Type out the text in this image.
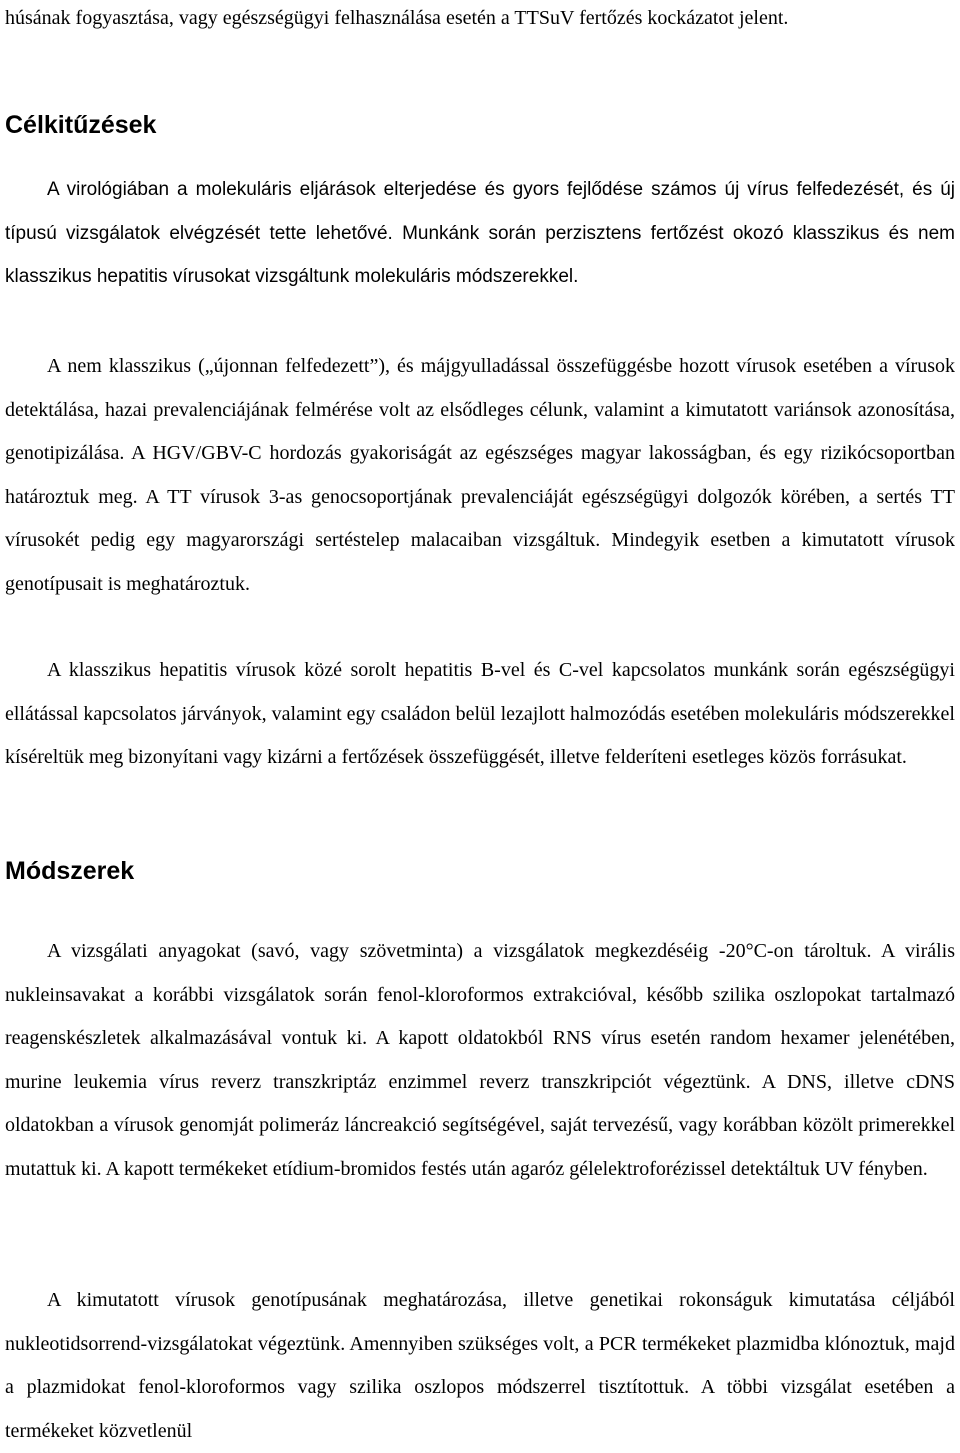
húsának fogyasztása, vagy egészségügyi felhasználása esetén a TTSuV fertőzés kockázatot jelent.

Célkitűzések

A virológiában a molekuláris eljárások elterjedése és gyors fejlődése számos új vírus felfedezését, és új típusú vizsgálatok elvégzését tette lehetővé. Munkánk során perzisztens fertőzést okozó klasszikus és nem klasszikus hepatitis vírusokat vizsgáltunk molekuláris módszerekkel.

A nem klasszikus („újonnan felfedezett”), és májgyulladással összefüggésbe hozott vírusok esetében a vírusok detektálása, hazai prevalenciájának felmérése volt az elsődleges célunk, valamint a kimutatott variánsok azonosítása, genotipizálása. A HGV/GBV-C hordozás gyakoriságát az egészséges magyar lakosságban, és egy rizikócsoportban határoztuk meg. A TT vírusok 3-as genocsoportjának prevalenciáját egészségügyi dolgozók körében, a sertés TT vírusokét pedig egy magyarországi sertéstelep malacaiban vizsgáltuk. Mindegyik esetben a kimutatott vírusok genotípusait is meghatároztuk.

A klasszikus hepatitis vírusok közé sorolt hepatitis B-vel és C-vel kapcsolatos munkánk során egészségügyi ellátással kapcsolatos járványok, valamint egy családon belül lezajlott halmozódás esetében molekuláris módszerekkel kíséreltük meg bizonyítani vagy kizárni a fertőzések összefüggését, illetve felderíteni esetleges közös forrásukat.

Módszerek

A vizsgálati anyagokat (savó, vagy szövetminta) a vizsgálatok megkezdéséig -20°C-on tároltuk. A virális nukleinsavakat a korábbi vizsgálatok során fenol-kloroformos extrakcióval, később szilika oszlopokat tartalmazó reagenskészletek alkalmazásával vontuk ki. A kapott oldatokból RNS vírus esetén random hexamer jelenétében, murine leukemia vírus reverz transzkriptáz enzimmel reverz transzkripciót végeztünk. A DNS, illetve cDNS oldatokban a vírusok genomját polimeráz láncreakció segítségével, saját tervezésű, vagy korábban közölt primerekkel mutattuk ki. A kapott termékeket etídium-bromidos festés után agaróz gélelektroforézissel detektáltuk UV fényben.

A kimutatott vírusok genotípusának meghatározása, illetve genetikai rokonságuk kimutatása céljából nukleotidsorrend-vizsgálatokat végeztünk. Amennyiben szükséges volt, a PCR termékeket plazmidba klónoztuk, majd a plazmidokat fenol-kloroformos vagy szilika oszlopos módszerrel tisztítottuk. A többi vizsgálat esetében a termékeket közvetlenül
